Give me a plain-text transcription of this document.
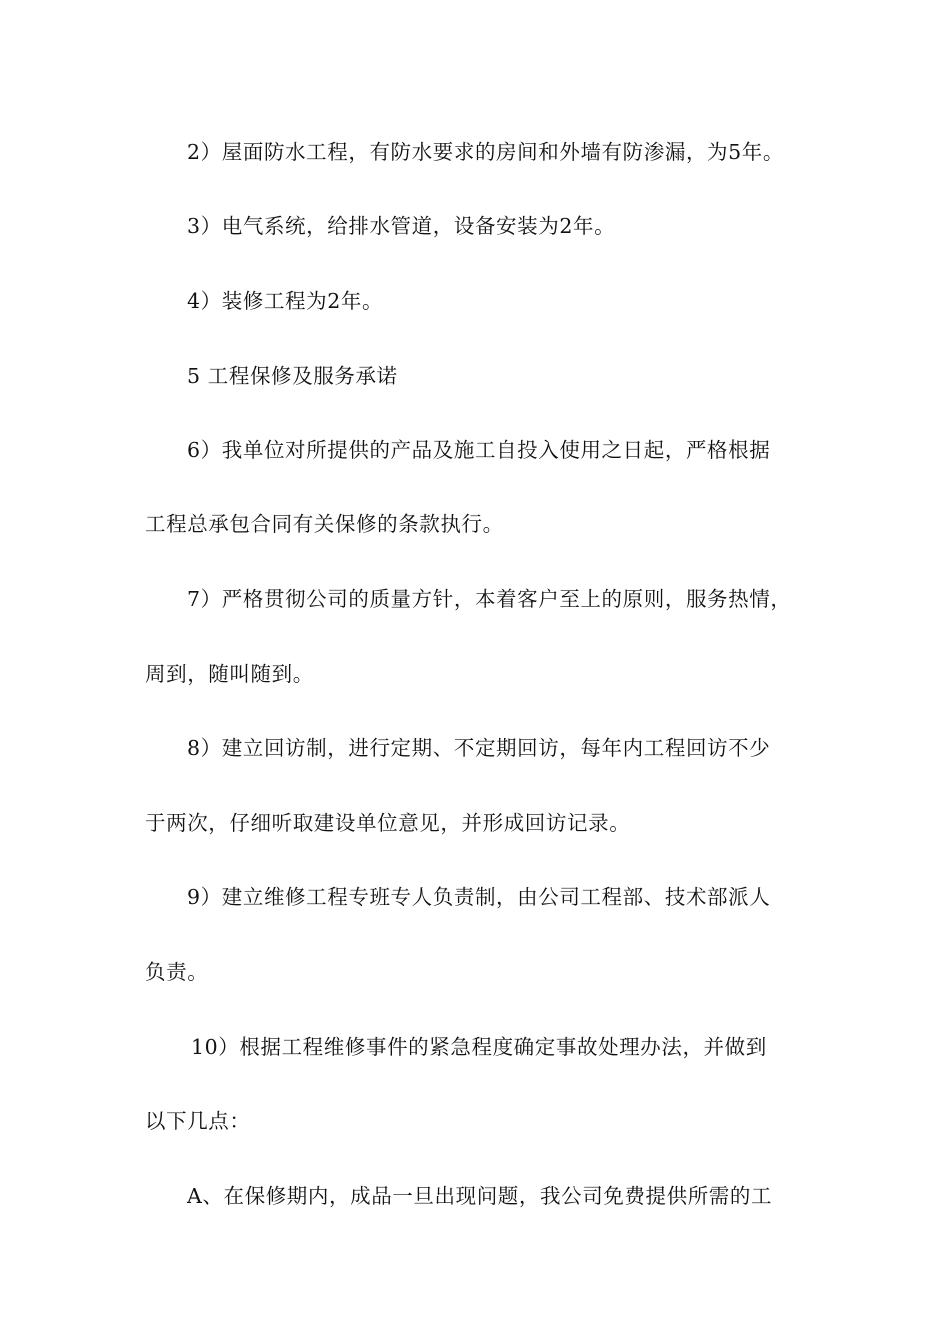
2）屋面防水工程，有防水要求的房间和外墙有防渗漏，为5年。
3）电气系统，给排水管道，设备安装为2年。
4）装修工程为2年。
5 工程保修及服务承诺
6）我单位对所提供的产品及施工自投入使用之日起，严格根据
工程总承包合同有关保修的条款执行。
7）严格贯彻公司的质量方针，本着客户至上的原则，服务热情，
周到，随叫随到。
8）建立回访制，进行定期、不定期回访，每年内工程回访不少
于两次，仔细听取建设单位意见，并形成回访记录。
9）建立维修工程专班专人负责制，由公司工程部、技术部派人
负责。
10）根据工程维修事件的紧急程度确定事故处理办法，并做到
以下几点：
A、在保修期内，成品一旦出现问题，我公司免费提供所需的工
